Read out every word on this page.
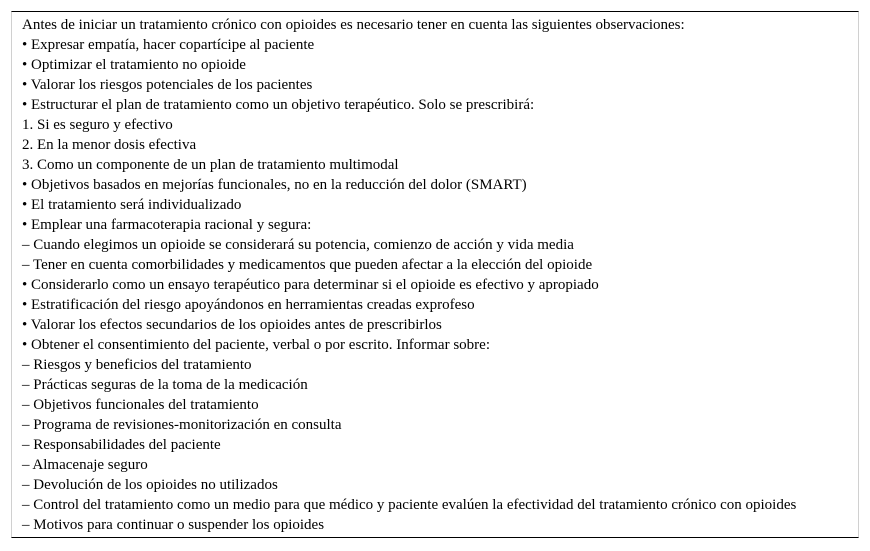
Antes de iniciar un tratamiento crónico con opioides es necesario tener en cuenta las siguientes observaciones:
• Expresar empatía, hacer copartícipe al paciente
• Optimizar el tratamiento no opioide
• Valorar los riesgos potenciales de los pacientes
• Estructurar el plan de tratamiento como un objetivo terapéutico. Solo se prescribirá:
1. Si es seguro y efectivo
2. En la menor dosis efectiva
3. Como un componente de un plan de tratamiento multimodal
• Objetivos basados en mejorías funcionales, no en la reducción del dolor (SMART)
• El tratamiento será individualizado
• Emplear una farmacoterapia racional y segura:
– Cuando elegimos un opioide se considerará su potencia, comienzo de acción y vida media
– Tener en cuenta comorbilidades y medicamentos que pueden afectar a la elección del opioide
• Considerarlo como un ensayo terapéutico para determinar si el opioide es efectivo y apropiado
• Estratificación del riesgo apoyándonos en herramientas creadas exprofeso
• Valorar los efectos secundarios de los opioides antes de prescribirlos
• Obtener el consentimiento del paciente, verbal o por escrito. Informar sobre:
– Riesgos y beneficios del tratamiento
– Prácticas seguras de la toma de la medicación
– Objetivos funcionales del tratamiento
– Programa de revisiones-monitorización en consulta
– Responsabilidades del paciente
– Almacenaje seguro
– Devolución de los opioides no utilizados
– Control del tratamiento como un medio para que médico y paciente evalúen la efectividad del tratamiento crónico con opioides
– Motivos para continuar o suspender los opioides
